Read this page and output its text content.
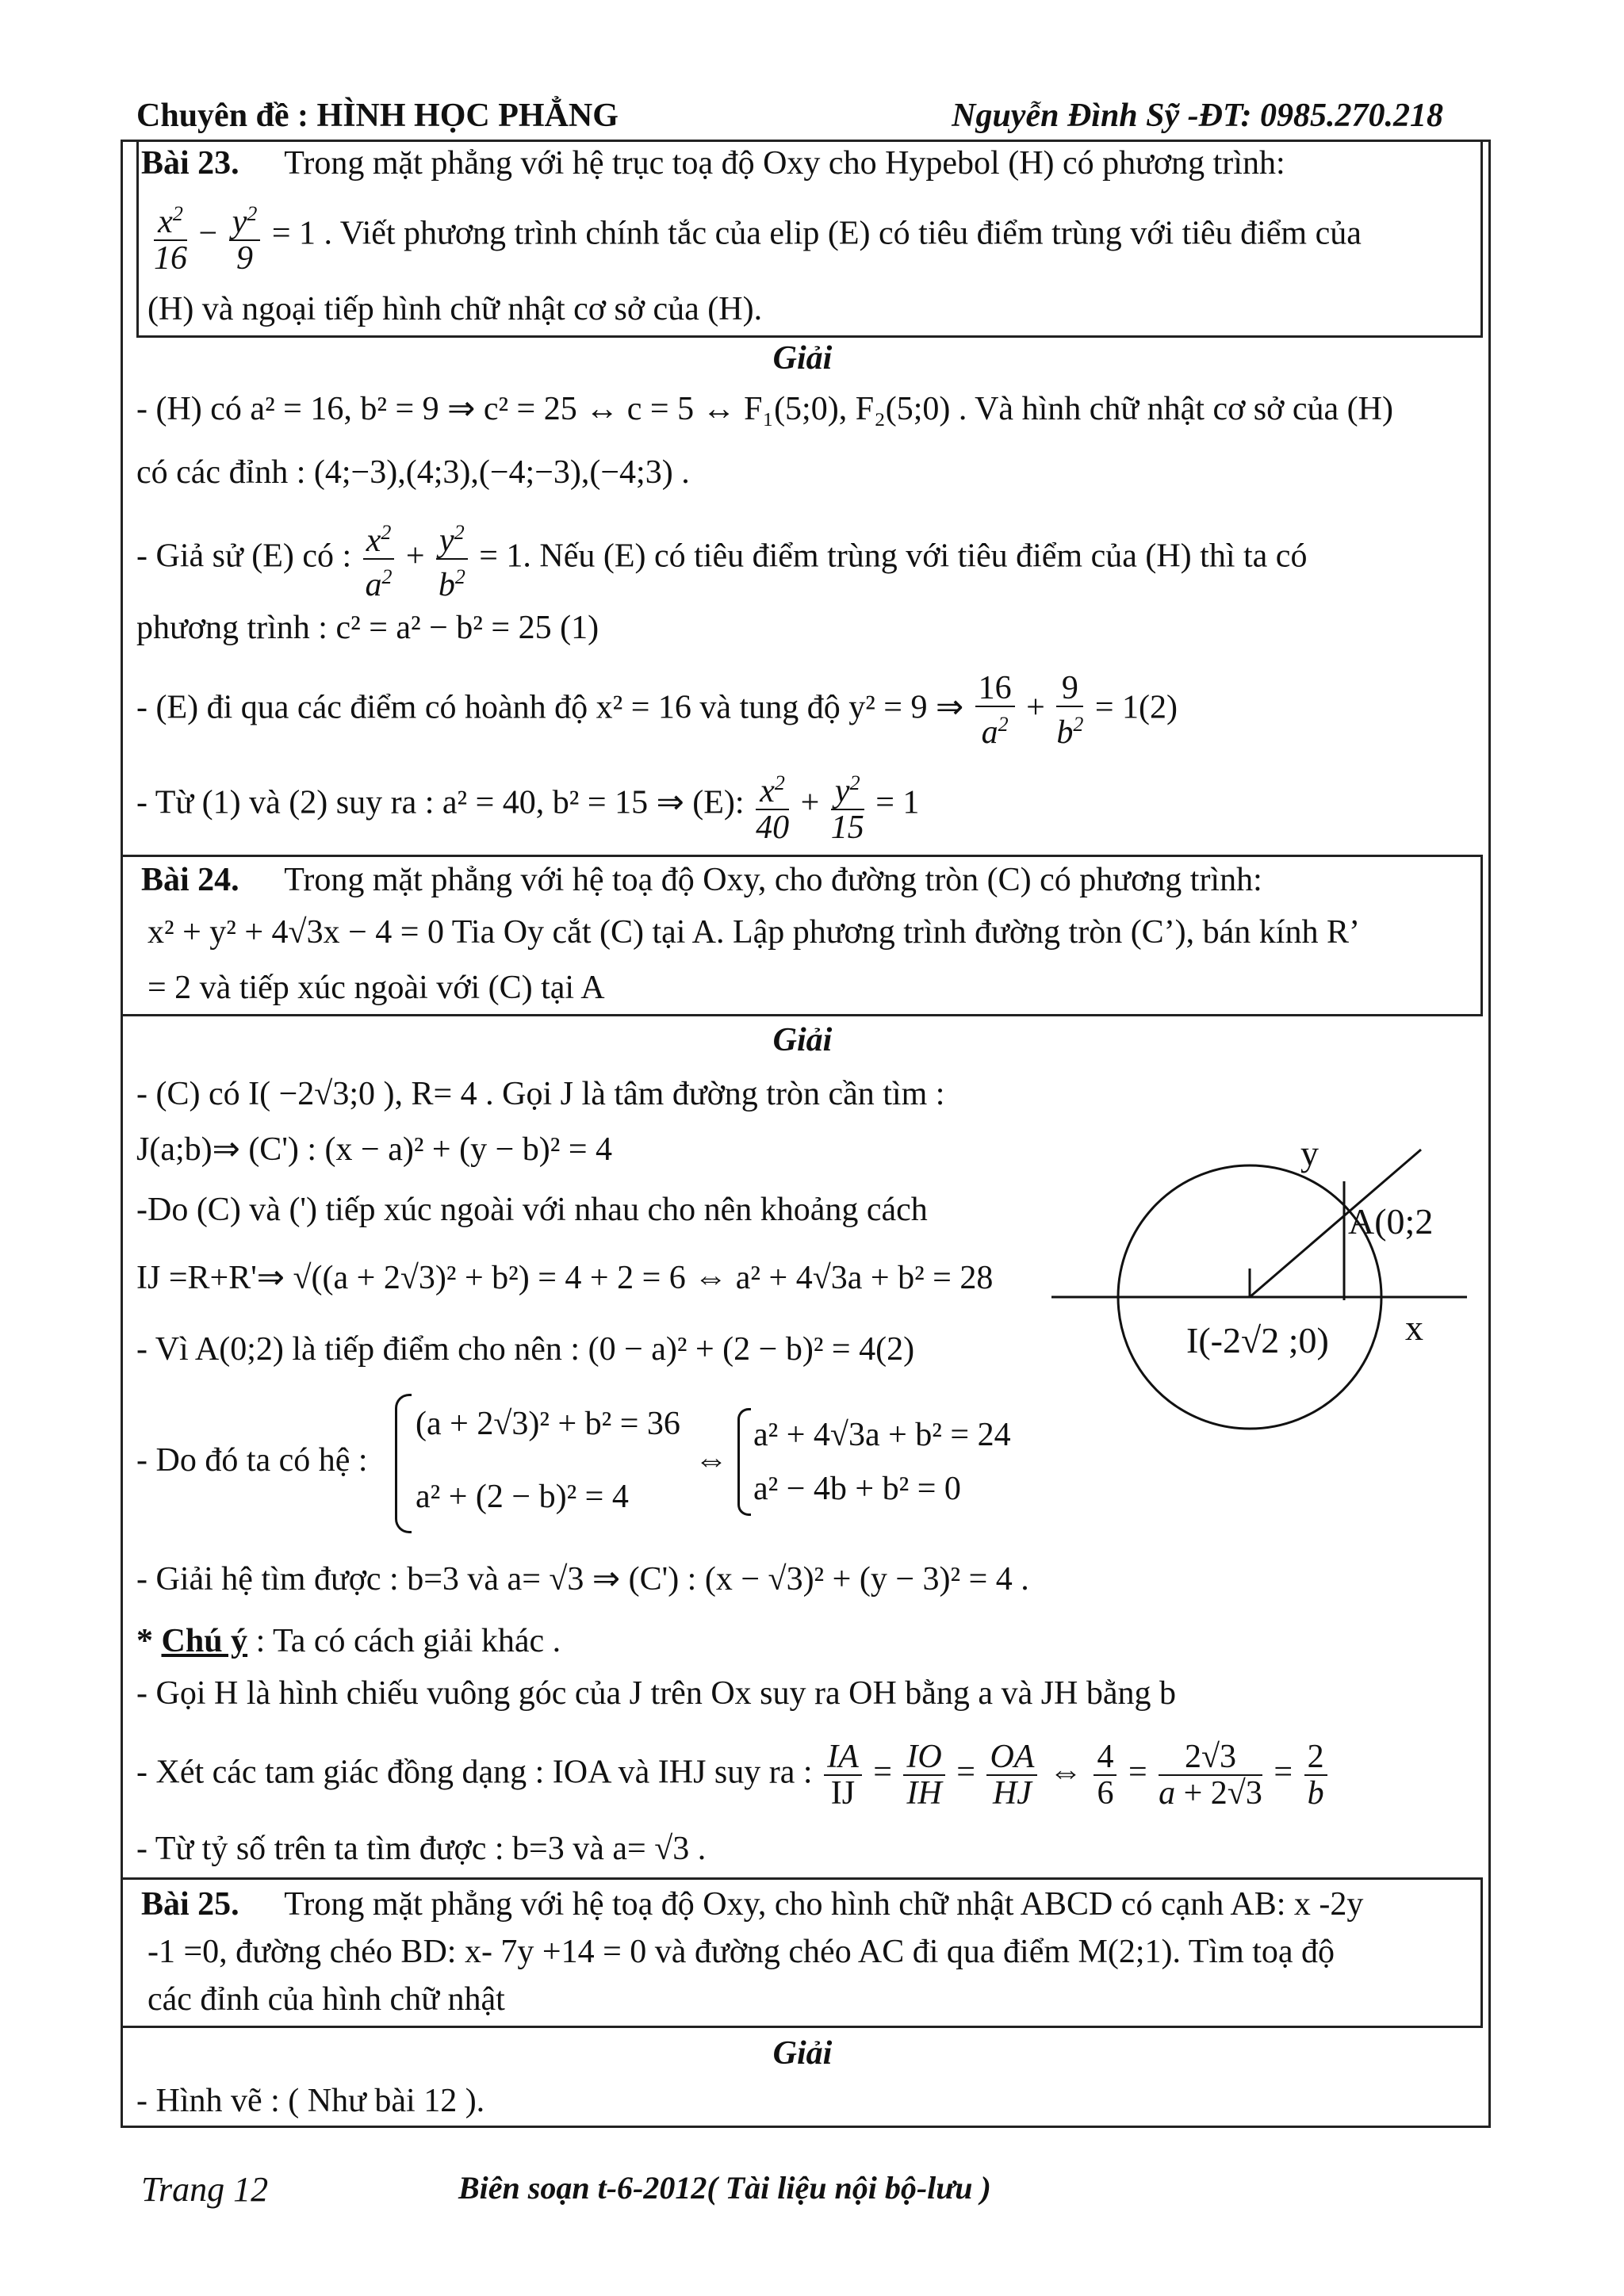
Chuyên đề : HÌNH HỌC PHẲNG	Nguyễn Đình Sỹ -ĐT: 0985.270.218
Bài 23. Trong mặt phẳng với hệ trục toạ độ Oxy cho Hypebol (H) có phương trình:
$\frac{x^2}{16} - \frac{y^2}{9} = 1$ . Viết phương trình chính tắc của elip (E) có tiêu điểm trùng với tiêu điểm của
(H) và ngoại tiếp hình chữ nhật cơ sở của (H).
Giải
- (H) có a² = 16, b² = 9 ⇒ c² = 25 ↔ c = 5 ↔ F₁(5;0), F₂(5;0) . Và hình chữ nhật cơ sở của (H)
có các đỉnh : (4;−3),(4;3),(−4;−3),(−4;3) .
- Giả sử (E) có : $\frac{x^2}{a^2} + \frac{y^2}{b^2} = 1$. Nếu (E) có tiêu điểm trùng với tiêu điểm của (H) thì ta có
phương trình : c² = a² − b² = 25 (1)
- (E) đi qua các điểm có hoành độ x² = 16 và tung độ y² = 9 ⇒ $\frac{16}{a^2} + \frac{9}{b^2} = 1(2)$
- Từ (1) và (2) suy ra : a² = 40, b² = 15 ⇒ (E): $\frac{x^2}{40} + \frac{y^2}{15} = 1$
Bài 24. Trong mặt phẳng với hệ toạ độ Oxy, cho đường tròn (C) có phương trình:
x² + y² + 4√3x − 4 = 0 Tia Oy cắt (C) tại A. Lập phương trình đường tròn (C’), bán kính R’
= 2 và tiếp xúc ngoài với (C) tại A
Giải
- (C) có I( −2√3;0 ), R= 4 . Gọi J là tâm đường tròn cần tìm :
J(a;b)⇒ (C') : (x − a)² + (y − b)² = 4
-Do (C) và (') tiếp xúc ngoài với nhau cho nên khoảng cách
IJ =R+R'⇒ √((a + 2√3)² + b²) = 4 + 2 = 6 ⇔ a² + 4√3a + b² = 28
- Vì A(0;2) là tiếp điểm cho nên : (0 − a)² + (2 − b)² = 4(2)
- Do đó ta có hệ :
(a + 2√3)² + b² = 36
a² + (2 − b)² = 4
⇔
a² + 4√3a + b² = 24
a² − 4b + b² = 0
- Giải hệ tìm được : b=3 và a= √3 ⇒ (C') : (x − √3)² + (y − 3)² = 4 .
* Chú ý : Ta có cách giải khác .
- Gọi H là hình chiếu vuông góc của J trên Ox suy ra OH bằng a và JH bằng b
- Xét các tam giác đồng dạng : IOA và IHJ suy ra : $\frac{IA}{IJ} = \frac{IO}{IH} = \frac{OA}{HJ}$ ⇔ $\frac{4}{6} = \frac{2√3}{a + 2√3} = \frac{2}{b}$
- Từ tỷ số trên ta tìm được : b=3 và a= √3 .
y
x
A(0;2
I(-2√2 ;0)
Bài 25. Trong mặt phẳng với hệ toạ độ Oxy, cho hình chữ nhật ABCD có cạnh AB: x -2y
-1 =0, đường chéo BD: x- 7y +14 = 0 và đường chéo AC đi qua điểm M(2;1). Tìm toạ độ
các đỉnh của hình chữ nhật
Giải
- Hình vẽ : ( Như bài 12 ).
Trang 12	Biên soạn t-6-2012( Tài liệu nội bộ-lưu )
